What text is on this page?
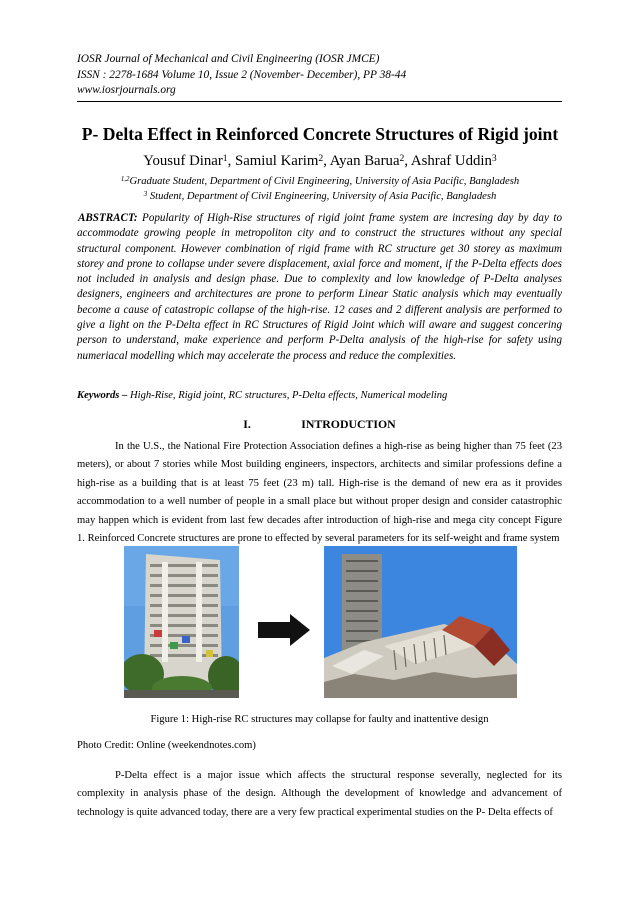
IOSR Journal of Mechanical and Civil Engineering (IOSR JMCE)
ISSN : 2278-1684 Volume 10, Issue 2 (November- December), PP 38-44
www.iosrjournals.org
P- Delta Effect in Reinforced Concrete Structures of Rigid joint
Yousuf Dinar$^1$, Samiul Karim$^2$, Ayan Barua$^2$, Ashraf Uddin$^3$
$^{1,2}$Graduate Student, Department of Civil Engineering, University of Asia Pacific, Bangladesh
$^3$ Student, Department of Civil Engineering, University of Asia Pacific, Bangladesh
ABSTRACT: Popularity of High-Rise structures of rigid joint frame system are incresing day by day to accommodate growing people in metropoliton city and to construct the structures without any special structural component. However combination of rigid frame with RC structure get 30 storey as maximum storey and prone to collapse under severe displacement, axial force and moment, if the P-Delta effects does not included in analysis and design phase. Due to complexity and low knowledge of P-Delta analyses designers, engineers and architectures are prone to perform Linear Static analysis which may eventually become a cause of catastropic collapse of the high-rise. 12 cases and 2 different analysis are performed to give a light on the P-Delta effect in RC Structures of Rigid Joint which will aware and suggest concering person to understand, make experience and perform P-Delta analysis of the high-rise for safety using numeriacal modelling which may accelerate the process and reduce the complexities.
Keywords – High-Rise, Rigid joint, RC structures, P-Delta effects, Numerical modeling
I.	INTRODUCTION
In the U.S., the National Fire Protection Association defines a high-rise as being higher than 75 feet (23 meters), or about 7 stories while Most building engineers, inspectors, architects and similar professions define a high-rise as a building that is at least 75 feet (23 m) tall. High-rise is the demand of new era as it provides accommodation to a well number of people in a small place but without proper design and consider catastrophic may happen which is evident from last few decades after introduction of high-rise and mega city concept Figure 1. Reinforced Concrete structures are prone to effected by several parameters for its self-weight and frame system
Figure 1: High-rise RC structures may collapse for faulty and inattentive design
Photo Credit: Online (weekendnotes.com)
P-Delta effect is a major issue which affects the structural response severally, neglected for its complexity in analysis phase of the design. Although the development of knowledge and advancement of technology is quite advanced today, there are a very few practical experimental studies on the P- Delta effects of
